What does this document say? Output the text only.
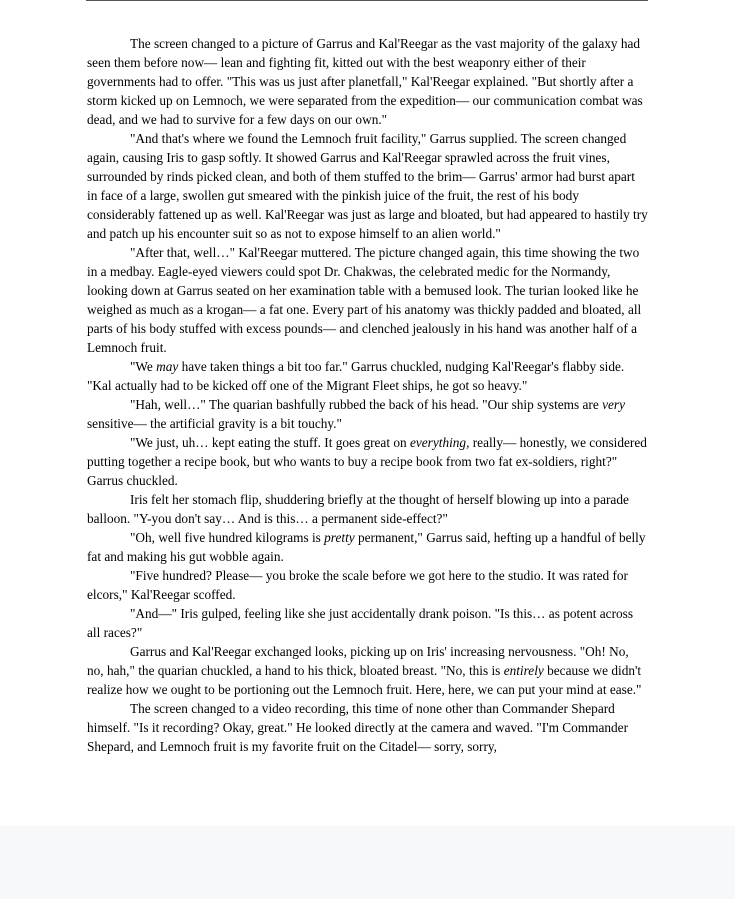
The screen changed to a picture of Garrus and Kal'Reegar as the vast majority of the galaxy had seen them before now— lean and fighting fit, kitted out with the best weaponry either of their governments had to offer. "This was us just after planetfall," Kal'Reegar explained. "But shortly after a storm kicked up on Lemnoch, we were separated from the expedition— our communication combat was dead, and we had to survive for a few days on our own."

"And that's where we found the Lemnoch fruit facility," Garrus supplied. The screen changed again, causing Iris to gasp softly. It showed Garrus and Kal'Reegar sprawled across the fruit vines, surrounded by rinds picked clean, and both of them stuffed to the brim— Garrus' armor had burst apart in face of a large, swollen gut smeared with the pinkish juice of the fruit, the rest of his body considerably fattened up as well. Kal'Reegar was just as large and bloated, but had appeared to hastily try and patch up his encounter suit so as not to expose himself to an alien world."

"After that, well…" Kal'Reegar muttered. The picture changed again, this time showing the two in a medbay. Eagle-eyed viewers could spot Dr. Chakwas, the celebrated medic for the Normandy, looking down at Garrus seated on her examination table with a bemused look. The turian looked like he weighed as much as a krogan— a fat one. Every part of his anatomy was thickly padded and bloated, all parts of his body stuffed with excess pounds— and clenched jealously in his hand was another half of a Lemnoch fruit.

"We may have taken things a bit too far." Garrus chuckled, nudging Kal'Reegar's flabby side. "Kal actually had to be kicked off one of the Migrant Fleet ships, he got so heavy."

"Hah, well…" The quarian bashfully rubbed the back of his head. "Our ship systems are very sensitive— the artificial gravity is a bit touchy."

"We just, uh… kept eating the stuff. It goes great on everything, really— honestly, we considered putting together a recipe book, but who wants to buy a recipe book from two fat ex-soldiers, right?" Garrus chuckled.

Iris felt her stomach flip, shuddering briefly at the thought of herself blowing up into a parade balloon. "Y-you don't say… And is this… a permanent side-effect?"

"Oh, well five hundred kilograms is pretty permanent," Garrus said, hefting up a handful of belly fat and making his gut wobble again.

"Five hundred? Please— you broke the scale before we got here to the studio. It was rated for elcors," Kal'Reegar scoffed.

"And—" Iris gulped, feeling like she just accidentally drank poison. "Is this… as potent across all races?"

Garrus and Kal'Reegar exchanged looks, picking up on Iris' increasing nervousness. "Oh! No, no, hah," the quarian chuckled, a hand to his thick, bloated breast. "No, this is entirely because we didn't realize how we ought to be portioning out the Lemnoch fruit. Here, here, we can put your mind at ease."

The screen changed to a video recording, this time of none other than Commander Shepard himself. "Is it recording? Okay, great." He looked directly at the camera and waved. "I'm Commander Shepard, and Lemnoch fruit is my favorite fruit on the Citadel— sorry, sorry,
